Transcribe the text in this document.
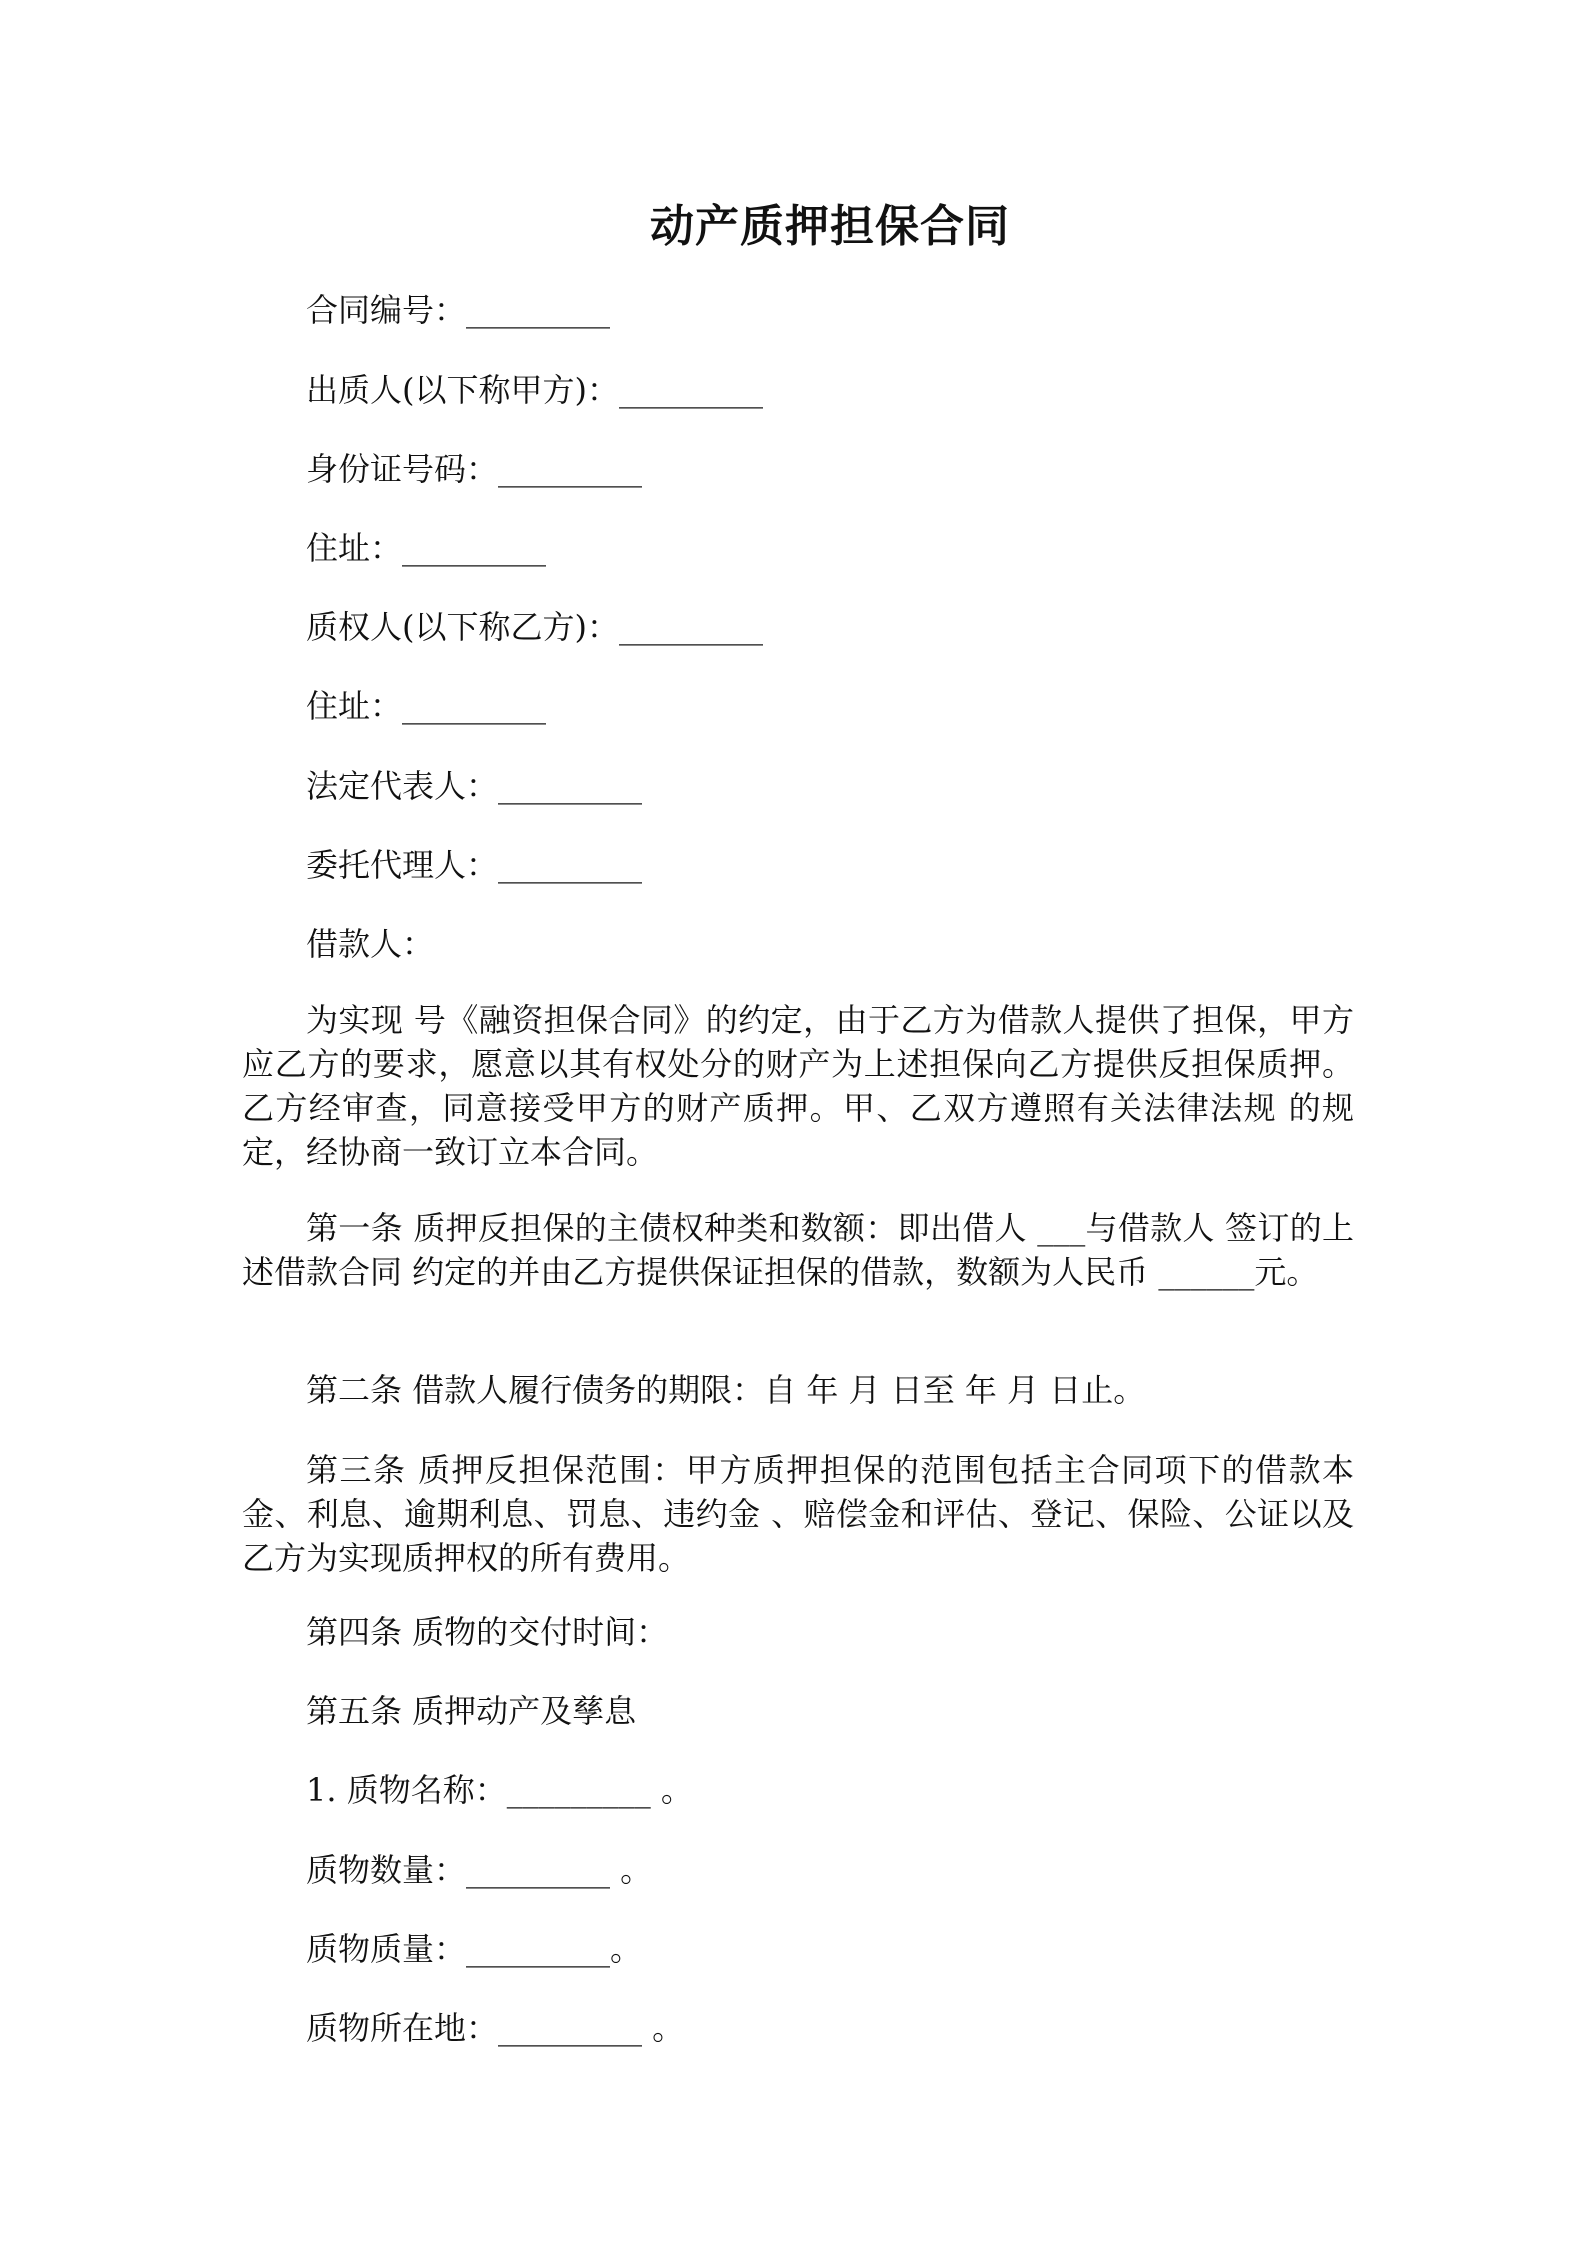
动产质押担保合同
合同编号：_________
出质人(以下称甲方)：_________
身份证号码：_________
住址：_________
质权人(以下称乙方)：_________
住址：_________
法定代表人：_________
委托代理人：_________
借款人：
为实现 号《融资担保合同》的约定，由于乙方为借款人提供了担保，甲方应乙方的要求，愿意以其有权处分的财产为上述担保向乙方提供反担保质押。乙方经审查，同意接受甲方的财产质押。甲、乙双方遵照有关法律法规 的规定，经协商一致订立本合同。
第一条 质押反担保的主债权种类和数额：即出借人 ___与借款人 签订的上述借款合同 约定的并由乙方提供保证担保的借款，数额为人民币 ______元。
第二条 借款人履行债务的期限：自 年 月 日至 年 月 日止。
第三条 质押反担保范围：甲方质押担保的范围包括主合同项下的借款本金、利息、逾期利息、罚息、违约金 、赔偿金和评估、登记、保险、公证以及乙方为实现质押权的所有费用。
第四条 质物的交付时间：
第五条 质押动产及孳息
1. 质物名称：_________ 。
质物数量：_________ 。
质物质量：_________。
质物所在地：_________ 。
